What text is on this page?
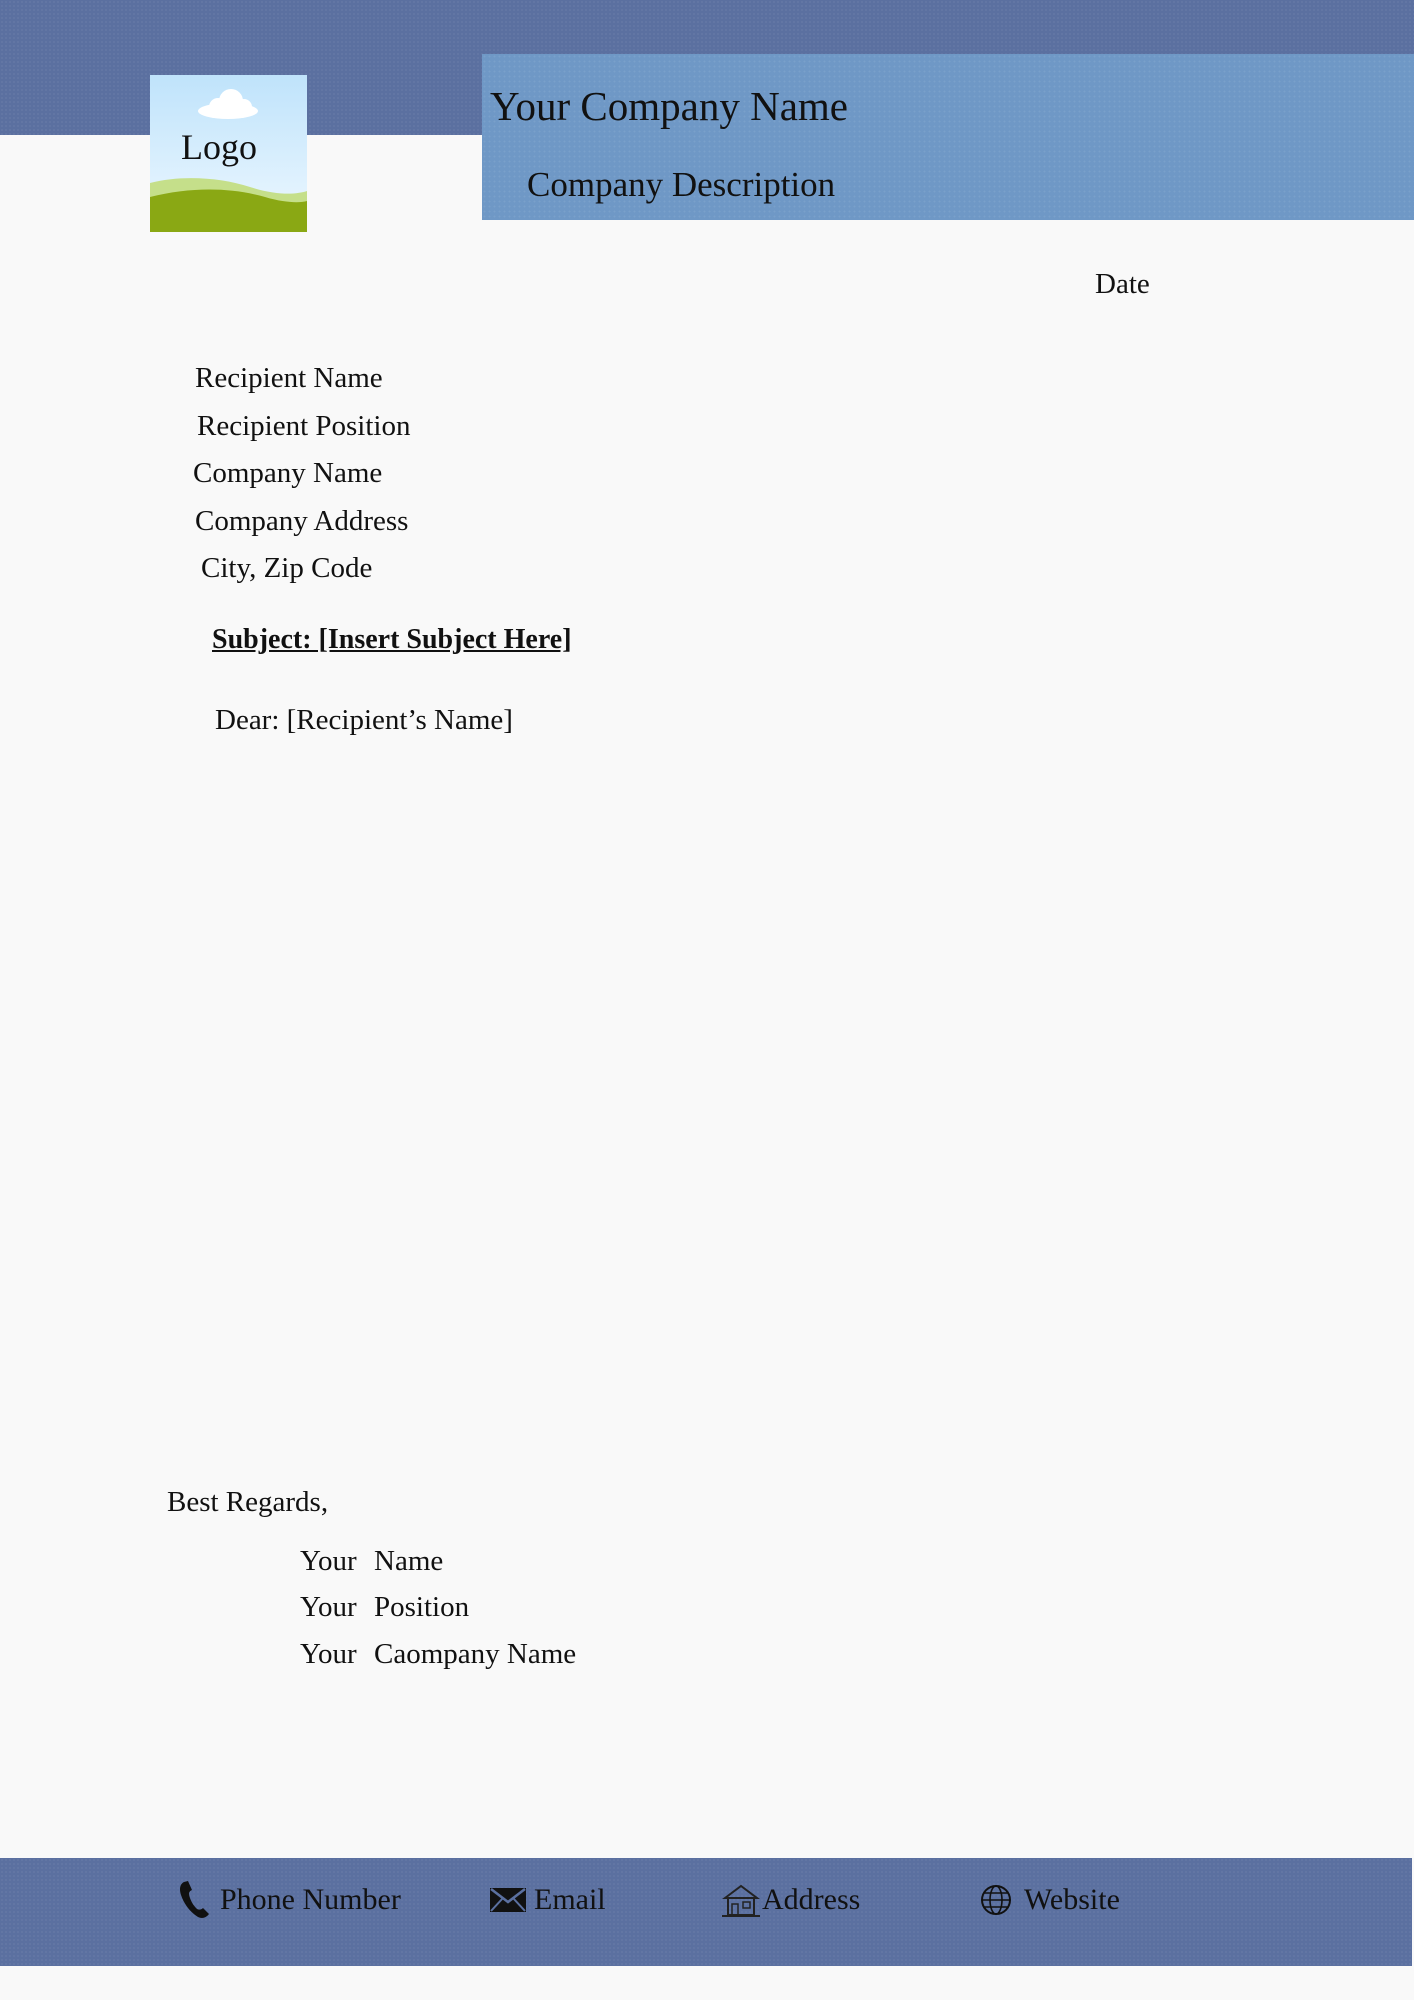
Your Company Name
Company Description
Logo
Date
Recipient Name
Recipient Position
Company Name
Company Address
City, Zip Code
Subject: [Insert Subject Here]
Dear: [Recipient’s Name]
Best Regards,
Your Name
Your Position
Your Caompany Name
Phone Number	Email	Address	Website
